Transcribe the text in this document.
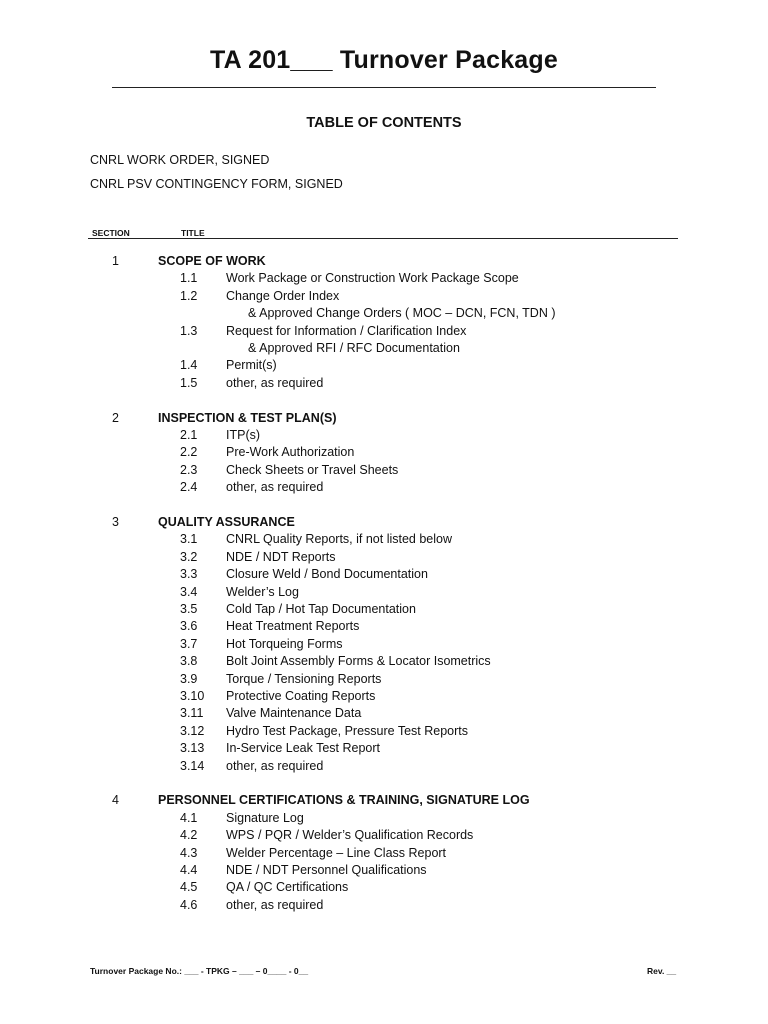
TA 201___ Turnover Package
TABLE OF CONTENTS
CNRL WORK ORDER, SIGNED
CNRL PSV CONTINGENCY FORM, SIGNED
SECTION	TITLE
1	SCOPE OF WORK
1.1 Work Package or Construction Work Package Scope
1.2 Change Order Index
& Approved Change Orders ( MOC – DCN, FCN, TDN )
1.3 Request for Information / Clarification Index
& Approved RFI / RFC Documentation
1.4 Permit(s)
1.5 other, as required
2	INSPECTION & TEST PLAN(S)
2.1 ITP(s)
2.2 Pre-Work Authorization
2.3 Check Sheets or Travel Sheets
2.4 other, as required
3	QUALITY ASSURANCE
3.1 CNRL Quality Reports, if not listed below
3.2 NDE / NDT Reports
3.3 Closure Weld / Bond Documentation
3.4 Welder’s Log
3.5 Cold Tap / Hot Tap Documentation
3.6 Heat Treatment Reports
3.7 Hot Torqueing Forms
3.8 Bolt Joint Assembly Forms & Locator Isometrics
3.9 Torque / Tensioning Reports
3.10 Protective Coating Reports
3.11 Valve Maintenance Data
3.12 Hydro Test Package, Pressure Test Reports
3.13 In-Service Leak Test Report
3.14 other, as required
4	PERSONNEL CERTIFICATIONS & TRAINING, SIGNATURE LOG
4.1 Signature Log
4.2 WPS / PQR / Welder’s Qualification Records
4.3 Welder Percentage – Line Class Report
4.4 NDE / NDT Personnel Qualifications
4.5 QA / QC Certifications
4.6 other, as required
Turnover Package No.: ___ - TPKG – ___ – 0____ - 0__	Rev. __
